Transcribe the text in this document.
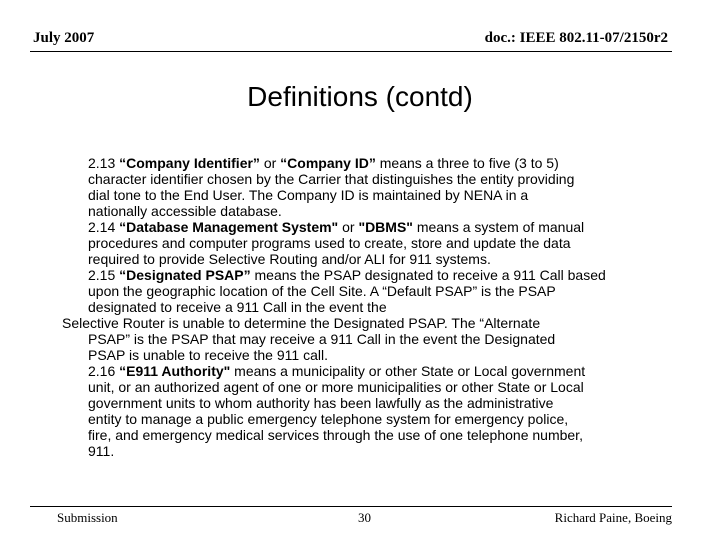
July 2007	doc.: IEEE 802.11-07/2150r2
Definitions (contd)

2.13 “Company Identifier” or “Company ID” means a three to five (3 to 5)

character identifier chosen by the Carrier that distinguishes the entity providing

dial tone to the End User. The Company ID is maintained by NENA in a

nationally accessible database.

2.14 “Database Management System" or "DBMS" means a system of manual

procedures and computer programs used to create, store and update the data

required to provide Selective Routing and/or ALI for 911 systems.

2.15 “Designated PSAP” means the PSAP designated to receive a 911 Call based

upon the geographic location of the Cell Site. A “Default PSAP” is the PSAP

designated to receive a 911 Call in the event the

Selective Router is unable to determine the Designated PSAP. The “Alternate

PSAP” is the PSAP that may receive a 911 Call in the event the Designated

PSAP is unable to receive the 911 call.

2.16 “E911 Authority" means a municipality or other State or Local government

unit, or an authorized agent of one or more municipalities or other State or Local

government units to whom authority has been lawfully as the administrative

entity to manage a public emergency telephone system for emergency police,

fire, and emergency medical services through the use of one telephone number,

911.

Submission	30	Richard Paine, Boeing
